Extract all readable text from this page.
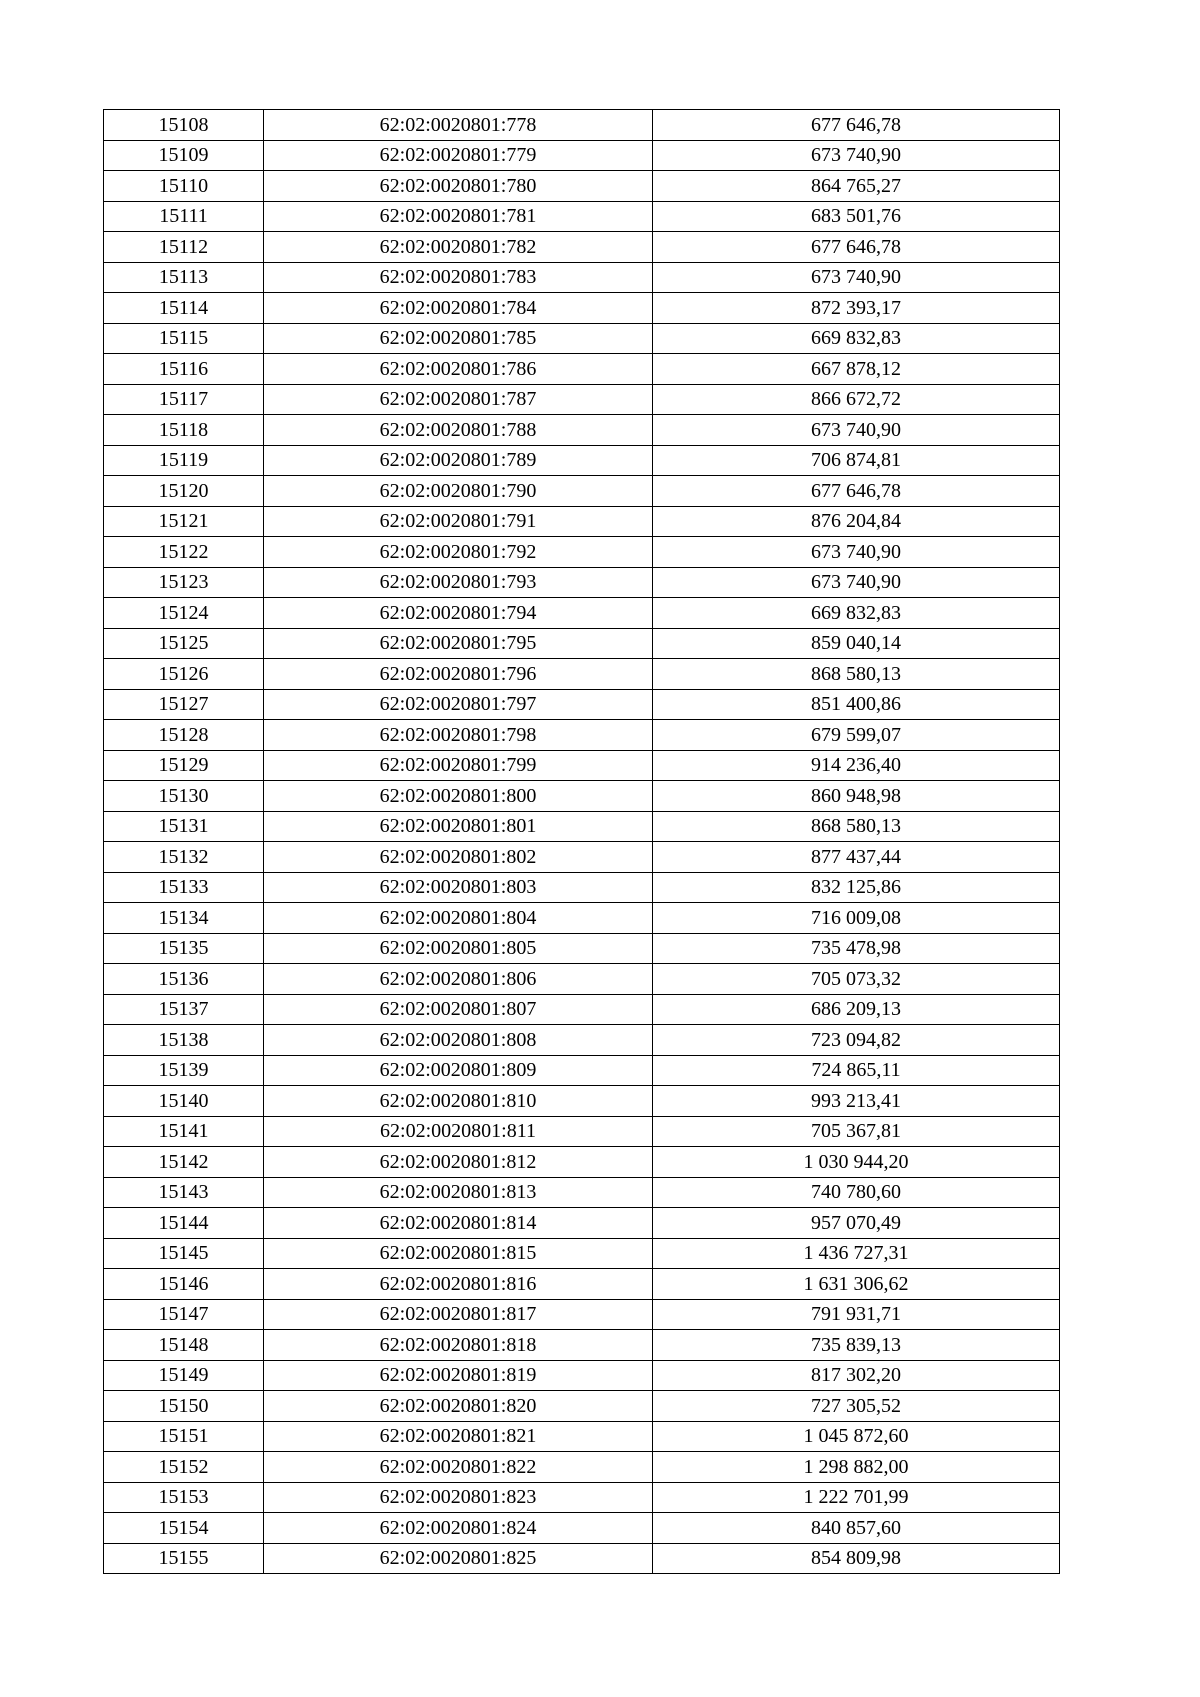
15108	62:02:0020801:778	677 646,78
15109	62:02:0020801:779	673 740,90
15110	62:02:0020801:780	864 765,27
15111	62:02:0020801:781	683 501,76
15112	62:02:0020801:782	677 646,78
15113	62:02:0020801:783	673 740,90
15114	62:02:0020801:784	872 393,17
15115	62:02:0020801:785	669 832,83
15116	62:02:0020801:786	667 878,12
15117	62:02:0020801:787	866 672,72
15118	62:02:0020801:788	673 740,90
15119	62:02:0020801:789	706 874,81
15120	62:02:0020801:790	677 646,78
15121	62:02:0020801:791	876 204,84
15122	62:02:0020801:792	673 740,90
15123	62:02:0020801:793	673 740,90
15124	62:02:0020801:794	669 832,83
15125	62:02:0020801:795	859 040,14
15126	62:02:0020801:796	868 580,13
15127	62:02:0020801:797	851 400,86
15128	62:02:0020801:798	679 599,07
15129	62:02:0020801:799	914 236,40
15130	62:02:0020801:800	860 948,98
15131	62:02:0020801:801	868 580,13
15132	62:02:0020801:802	877 437,44
15133	62:02:0020801:803	832 125,86
15134	62:02:0020801:804	716 009,08
15135	62:02:0020801:805	735 478,98
15136	62:02:0020801:806	705 073,32
15137	62:02:0020801:807	686 209,13
15138	62:02:0020801:808	723 094,82
15139	62:02:0020801:809	724 865,11
15140	62:02:0020801:810	993 213,41
15141	62:02:0020801:811	705 367,81
15142	62:02:0020801:812	1 030 944,20
15143	62:02:0020801:813	740 780,60
15144	62:02:0020801:814	957 070,49
15145	62:02:0020801:815	1 436 727,31
15146	62:02:0020801:816	1 631 306,62
15147	62:02:0020801:817	791 931,71
15148	62:02:0020801:818	735 839,13
15149	62:02:0020801:819	817 302,20
15150	62:02:0020801:820	727 305,52
15151	62:02:0020801:821	1 045 872,60
15152	62:02:0020801:822	1 298 882,00
15153	62:02:0020801:823	1 222 701,99
15154	62:02:0020801:824	840 857,60
15155	62:02:0020801:825	854 809,98
